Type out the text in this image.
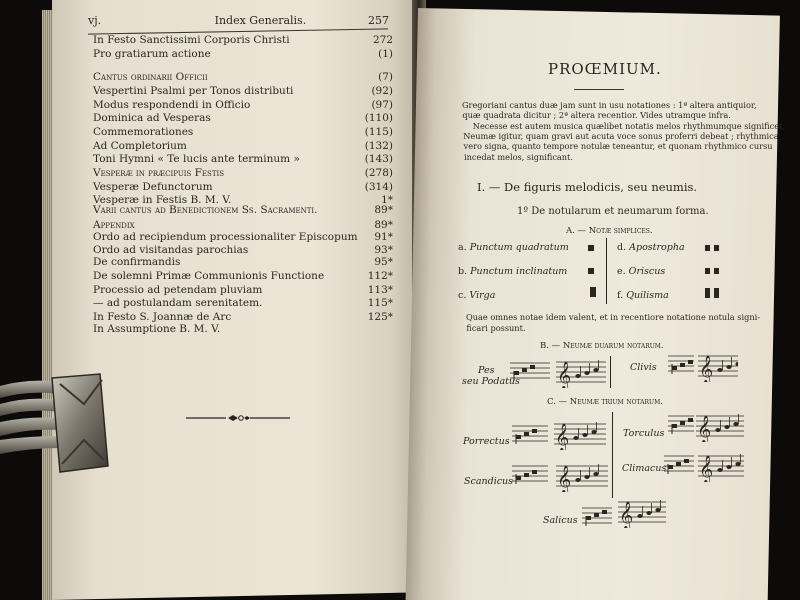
vj.	Index Generalis.	257
In Festo Sanctissimi Corporis Christi	272
Pro gratiarum actione	(1)
Cantus ordinarii Officii	(7)
Vespertini Psalmi per Tonos distributi	(92)
Modus respondendi in Officio	(97)
Dominica ad Vesperas	(110)
Commemorationes	(115)
Ad Completorium	(132)
Toni Hymni « Te lucis ante terminum »	(143)
Vesperæ in præcipuis Festis	(278)
Vesperæ Defunctorum	(314)
Vesperæ in Festis B. M. V.	1*
Varii cantus ad Benedictionem Ss. Sacramenti.	89*
Appendix	89*
Ordo ad recipiendum processionaliter Episcopum 91*
Ordo ad visitandas parochias	93*
De confirmandis	95*
De solemni Primæ Communionis Functione	112*
Processio ad petendam pluviam	113*
— ad postulandam serenitatem.	115*
In Festo S. Joannæ de Arc	125*
In Assumptione B. M. V.
PROŒMIUM.
Gregoriani cantus duæ jam sunt in usu notationes : 1ª altera antiquior,
quæ quadrata dicitur ; 2ª altera recentior. Vides utramque infra.
Necesse est autem musica quælibet notatis melos rhythmumque significet.
Neumæ igitur, quam gravi aut acuta voce sonus proferri debeat ; rhythmica
vero signa, quanto tempore notulæ teneantur, et quonam rhythmico cursu
incedat melos, significant.
I. — De figuris melodicis, seu neumis.
1º De notularum et neumarum forma.
A. — Notæ simplices.
a. Punctum quadratum
b. Punctum inclinatum
c. Virga
d. Apostropha
e. Oriscus
f. Quilisma
Quae omnes notae idem valent, et in recentiore notatione notula signi-
ficari possunt.
B. — Neumæ duarum notarum.
Pes
seu Podatus
Clivis
C. — Neumæ trium notarum.
Porrectus
Torculus
Scandicus
Climacus
Salicus
𝄞	𝄞
𝄞	𝄞
𝄞	𝄞
𝄞
